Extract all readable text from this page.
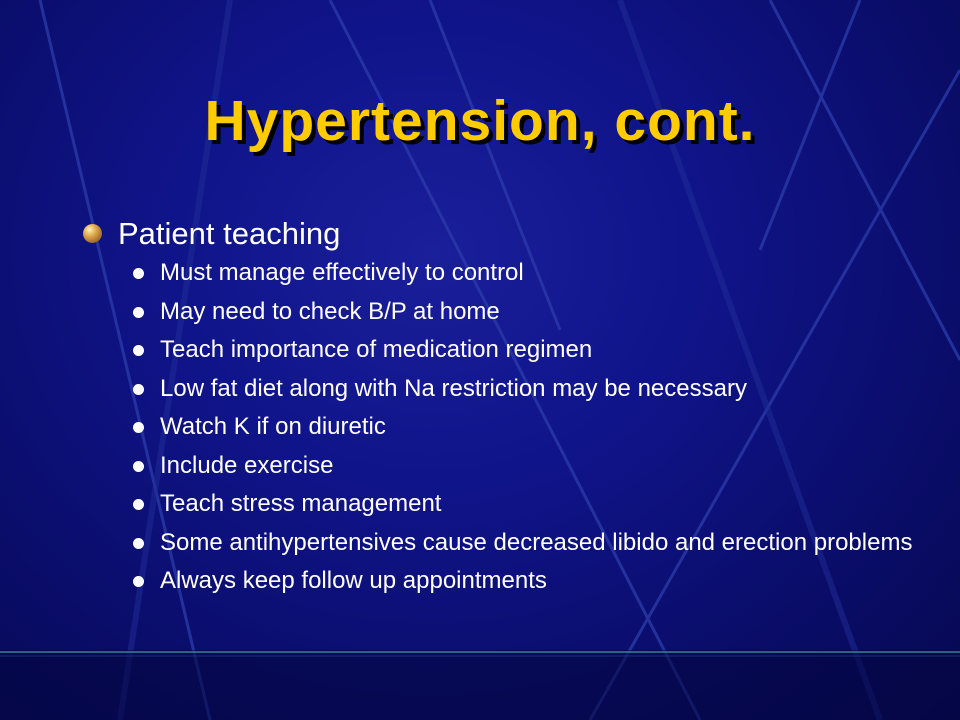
Hypertension, cont.
Patient teaching
Must manage effectively to control
May need to check B/P at home
Teach importance of medication regimen
Low fat diet along with Na restriction may be necessary
Watch K if on diuretic
Include exercise
Teach stress management
Some antihypertensives cause decreased libido and erection problems
Always keep follow up appointments
